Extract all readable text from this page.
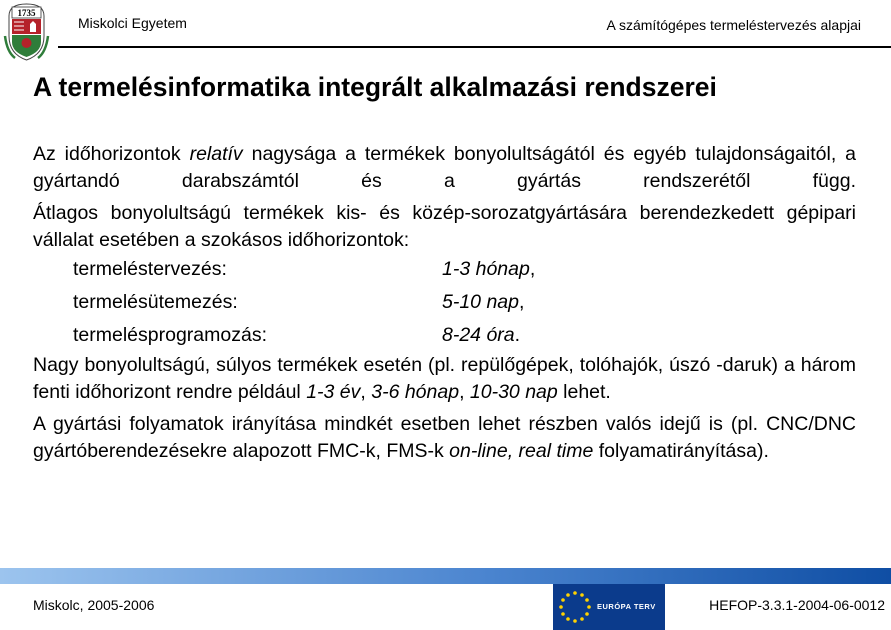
1735
Miskolci Egyetem	A számítógépes termeléstervezés alapjai
A termelésinformatika integrált alkalmazási rendszerei

Az időhorizontok relatív nagysága a termékek bonyolultságától és egyéb tulajdonságaitól, a gyártandó darabszámtól és a gyártás rendszerétől függ.

Átlagos bonyolultságú termékek kis- és közép-sorozatgyártására berendezkedett gépipari vállalat esetében a szokásos időhorizontok:

termeléstervezés:	1-3 hónap,
termelésütemezés:	5-10 nap,
termelésprogramozás:	8-24 óra.

Nagy bonyolultságú, súlyos termékek esetén (pl. repülőgépek, tolóhajók, úszó -daruk) a három fenti időhorizont rendre például 1-3 év, 3-6 hónap, 10-30 nap lehet.

A gyártási folyamatok irányítása mindkét esetben lehet részben valós idejű is (pl. CNC/DNC gyártóberendezésekre alapozott FMC-k, FMS-k on-line, real time folyamatirányítása).

Miskolc, 2005-2006	EURÓPA TERV	HEFOP-3.3.1-2004-06-0012
